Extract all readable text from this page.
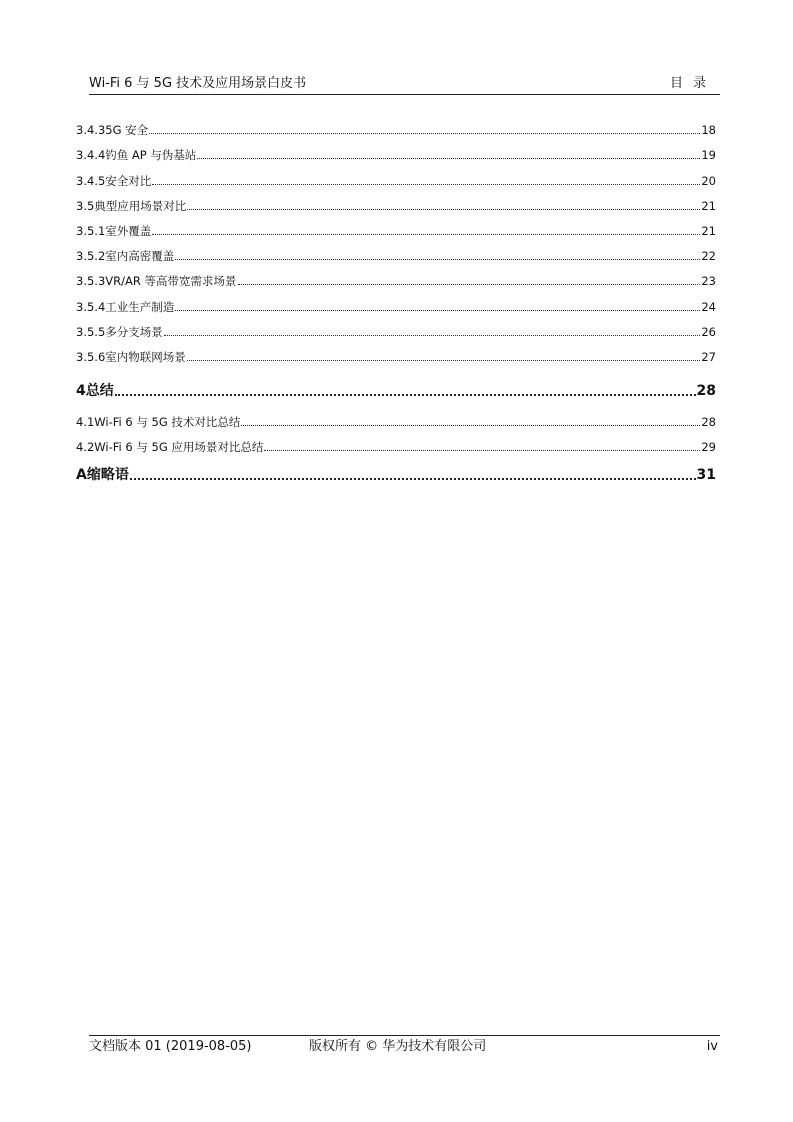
Wi-Fi 6 与 5G 技术及应用场景白皮书	目录
3.4.3 5G 安全	18
3.4.4 钓鱼 AP 与伪基站	19
3.4.5 安全对比	20
3.5 典型应用场景对比	21
3.5.1 室外覆盖	21
3.5.2 室内高密覆盖	22
3.5.3 VR/AR 等高带宽需求场景	23
3.5.4 工业生产制造	24
3.5.5 多分支场景	26
3.5.6 室内物联网场景	27
4 总结	28
4.1 Wi-Fi 6 与 5G 技术对比总结	28
4.2 Wi-Fi 6 与 5G 应用场景对比总结	29
A 缩略语	31
文档版本 01 (2019-08-05)	版权所有 © 华为技术有限公司	iv
